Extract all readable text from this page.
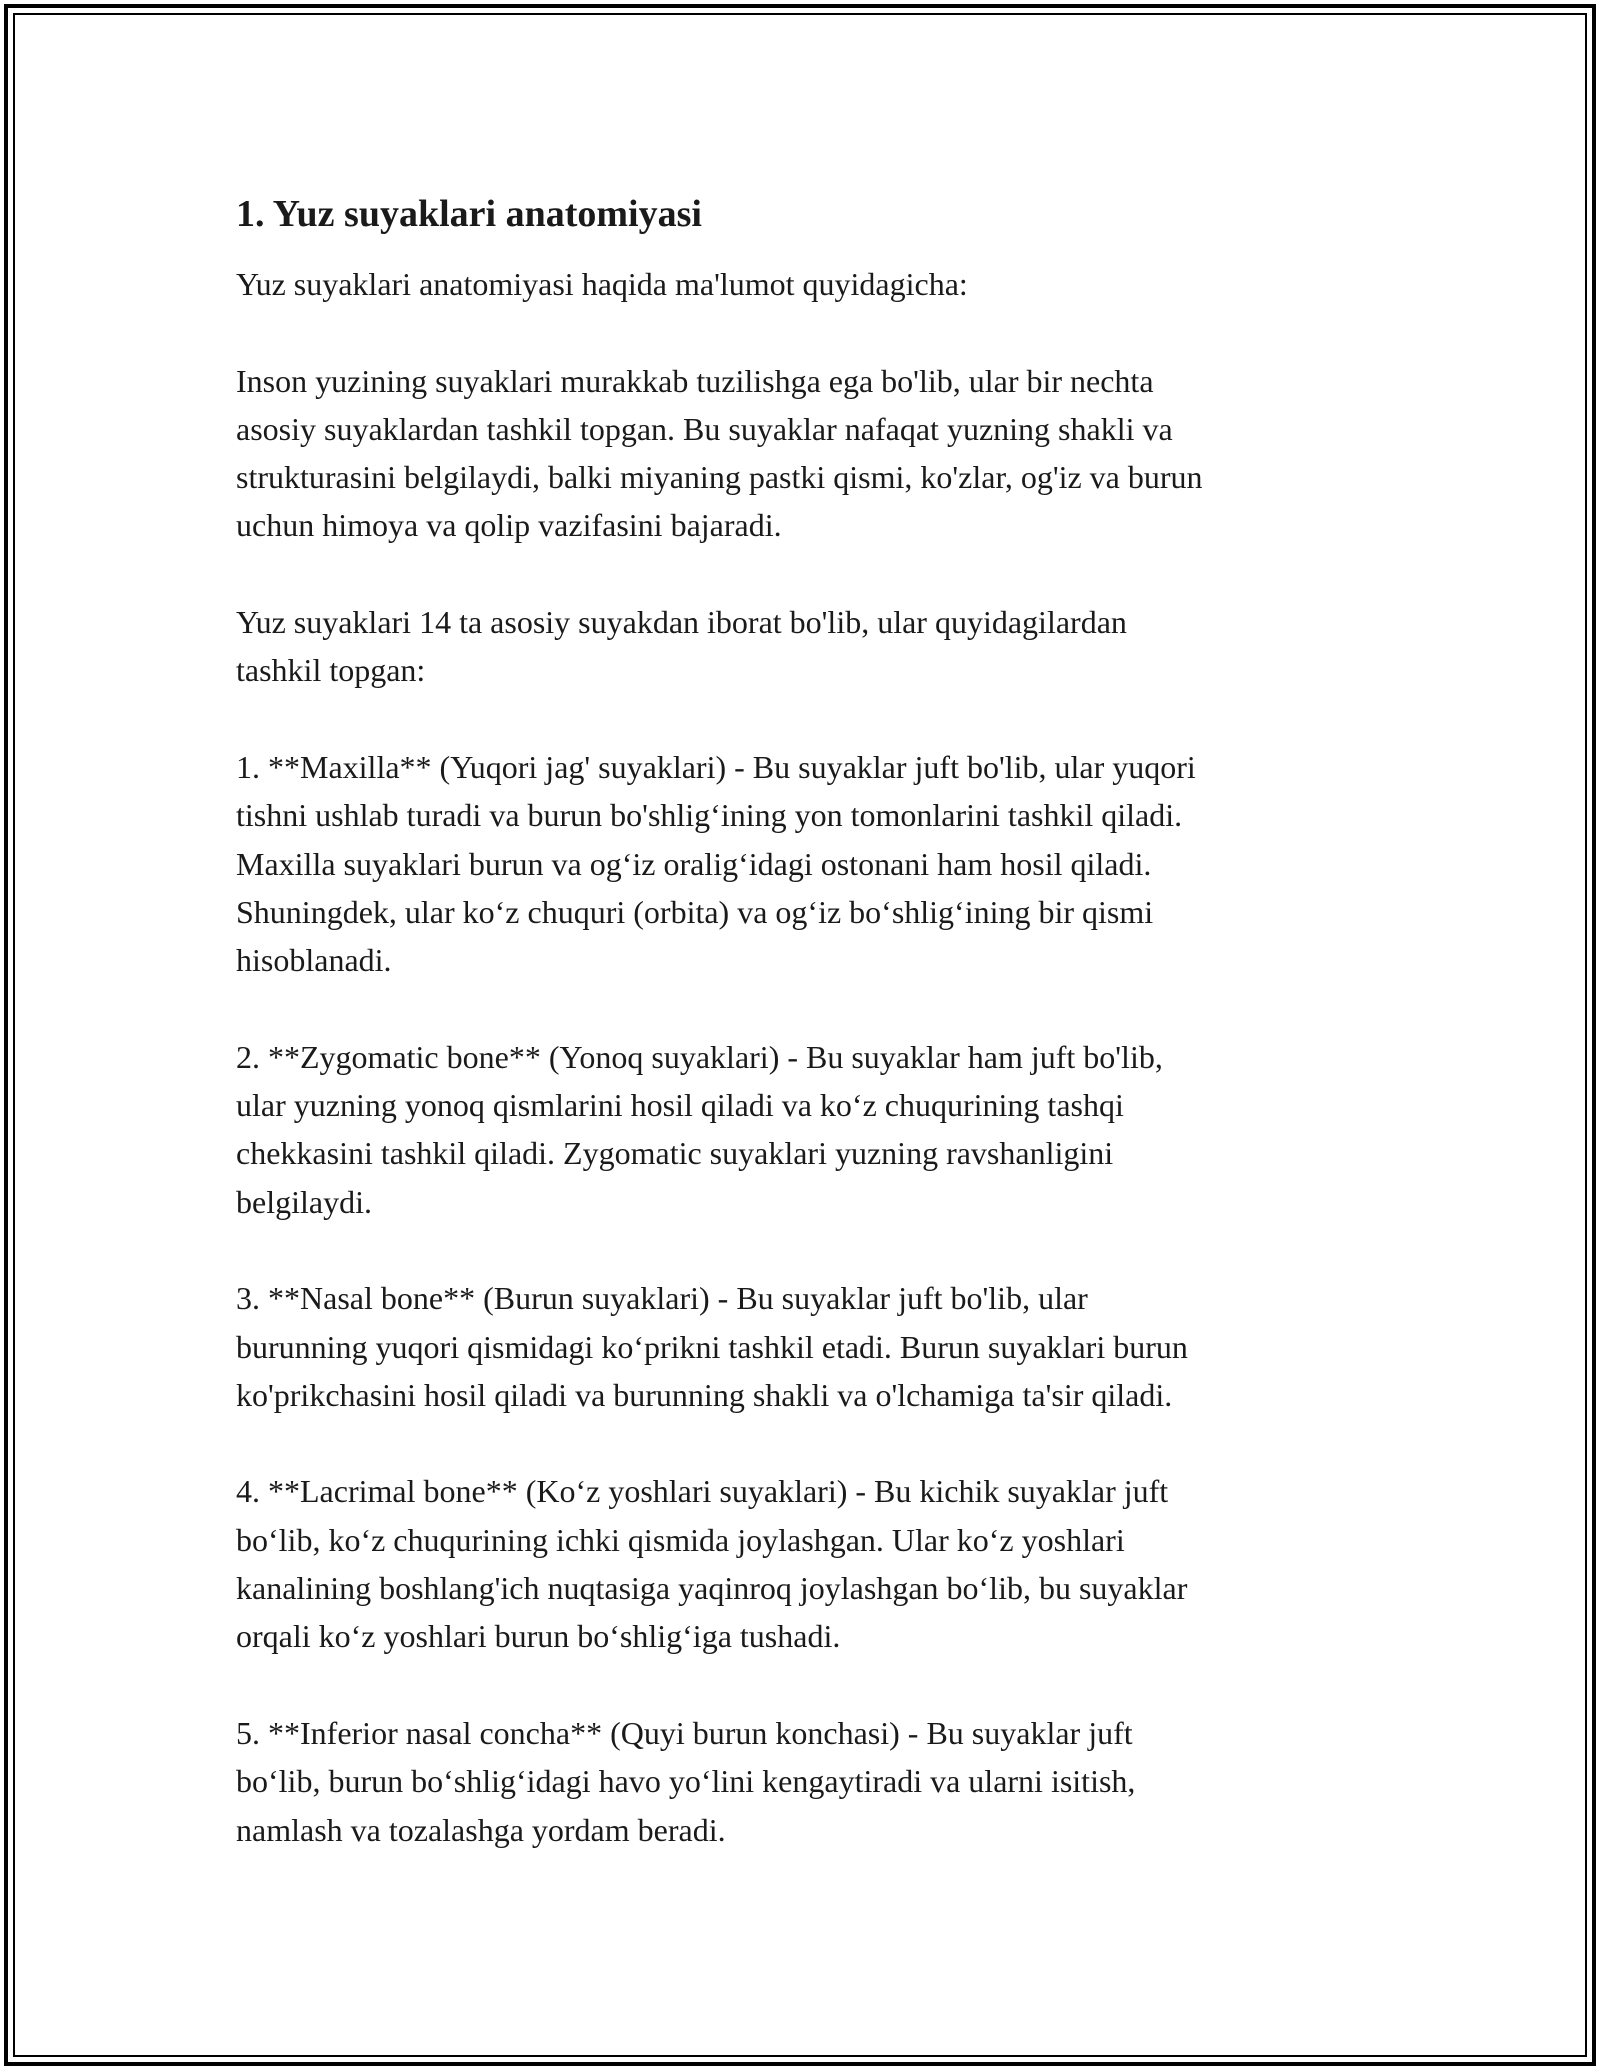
1. Yuz suyaklari anatomiyasi
Yuz suyaklari anatomiyasi haqida ma'lumot quyidagicha:
Inson yuzining suyaklari murakkab tuzilishga ega bo'lib, ular bir nechta
asosiy suyaklardan tashkil topgan. Bu suyaklar nafaqat yuzning shakli va
strukturasini belgilaydi, balki miyaning pastki qismi, ko'zlar, og'iz va burun
uchun himoya va qolip vazifasini bajaradi.
Yuz suyaklari 14 ta asosiy suyakdan iborat bo'lib, ular quyidagilardan
tashkil topgan:
1. **Maxilla** (Yuqori jag' suyaklari) - Bu suyaklar juft bo'lib, ular yuqori
tishni ushlab turadi va burun bo'shlig‘ining yon tomonlarini tashkil qiladi.
Maxilla suyaklari burun va og‘iz oralig‘idagi ostonani ham hosil qiladi.
Shuningdek, ular ko‘z chuquri (orbita) va og‘iz bo‘shlig‘ining bir qismi
hisoblanadi.
2. **Zygomatic bone** (Yonoq suyaklari) - Bu suyaklar ham juft bo'lib,
ular yuzning yonoq qismlarini hosil qiladi va ko‘z chuqurining tashqi
chekkasini tashkil qiladi. Zygomatic suyaklari yuzning ravshanligini
belgilaydi.
3. **Nasal bone** (Burun suyaklari) - Bu suyaklar juft bo'lib, ular
burunning yuqori qismidagi ko‘prikni tashkil etadi. Burun suyaklari burun
ko'prikchasini hosil qiladi va burunning shakli va o'lchamiga ta'sir qiladi.
4. **Lacrimal bone** (Ko‘z yoshlari suyaklari) - Bu kichik suyaklar juft
bo‘lib, ko‘z chuqurining ichki qismida joylashgan. Ular ko‘z yoshlari
kanalining boshlang'ich nuqtasiga yaqinroq joylashgan bo‘lib, bu suyaklar
orqali ko‘z yoshlari burun bo‘shlig‘iga tushadi.
5. **Inferior nasal concha** (Quyi burun konchasi) - Bu suyaklar juft
bo‘lib, burun bo‘shlig‘idagi havo yo‘lini kengaytiradi va ularni isitish,
namlash va tozalashga yordam beradi.
